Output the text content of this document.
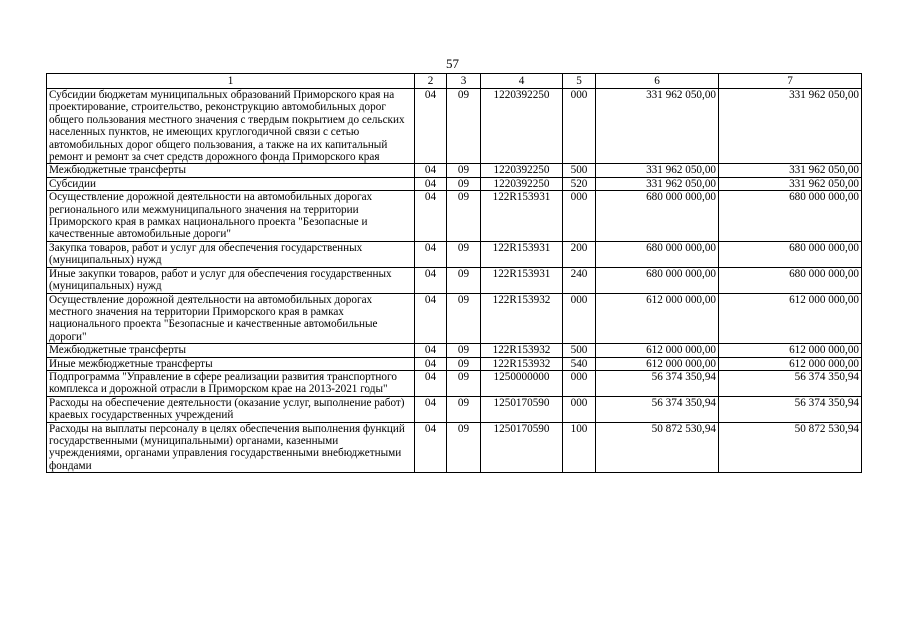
57
1	2	3	4	5	6	7
Субсидии бюджетам муниципальных образований Приморского края на проектирование, строительство, реконструкцию автомобильных дорог общего пользования местного значения с твердым покрытием до сельских населенных пунктов, не имеющих круглогодичной связи с сетью автомобильных дорог общего пользования, а также на их капитальный ремонт и ремонт за счет средств дорожного фонда Приморского края	04	09	1220392250	000	331 962 050,00	331 962 050,00
Межбюджетные трансферты	04	09	1220392250	500	331 962 050,00	331 962 050,00
Субсидии	04	09	1220392250	520	331 962 050,00	331 962 050,00
Осуществление дорожной деятельности на автомобильных дорогах регионального или межмуниципального значения на территории Приморского края в рамках национального проекта "Безопасные и качественные автомобильные дороги"	04	09	122R153931	000	680 000 000,00	680 000 000,00
Закупка товаров, работ и услуг для обеспечения государственных (муниципальных) нужд	04	09	122R153931	200	680 000 000,00	680 000 000,00
Иные закупки товаров, работ и услуг для обеспечения государственных (муниципальных) нужд	04	09	122R153931	240	680 000 000,00	680 000 000,00
Осуществление дорожной деятельности на автомобильных дорогах местного значения на территории Приморского края в рамках национального проекта "Безопасные и качественные автомобильные дороги"	04	09	122R153932	000	612 000 000,00	612 000 000,00
Межбюджетные трансферты	04	09	122R153932	500	612 000 000,00	612 000 000,00
Иные межбюджетные трансферты	04	09	122R153932	540	612 000 000,00	612 000 000,00
Подпрограмма "Управление в сфере реализации развития транспортного комплекса и дорожной отрасли в Приморском крае на 2013-2021 годы"	04	09	1250000000	000	56 374 350,94	56 374 350,94
Расходы на обеспечение деятельности (оказание услуг, выполнение работ) краевых государственных учреждений	04	09	1250170590	000	56 374 350,94	56 374 350,94
Расходы на выплаты персоналу в целях обеспечения выполнения функций государственными (муниципальными) органами, казенными учреждениями, органами управления государственными внебюджетными фондами	04	09	1250170590	100	50 872 530,94	50 872 530,94
